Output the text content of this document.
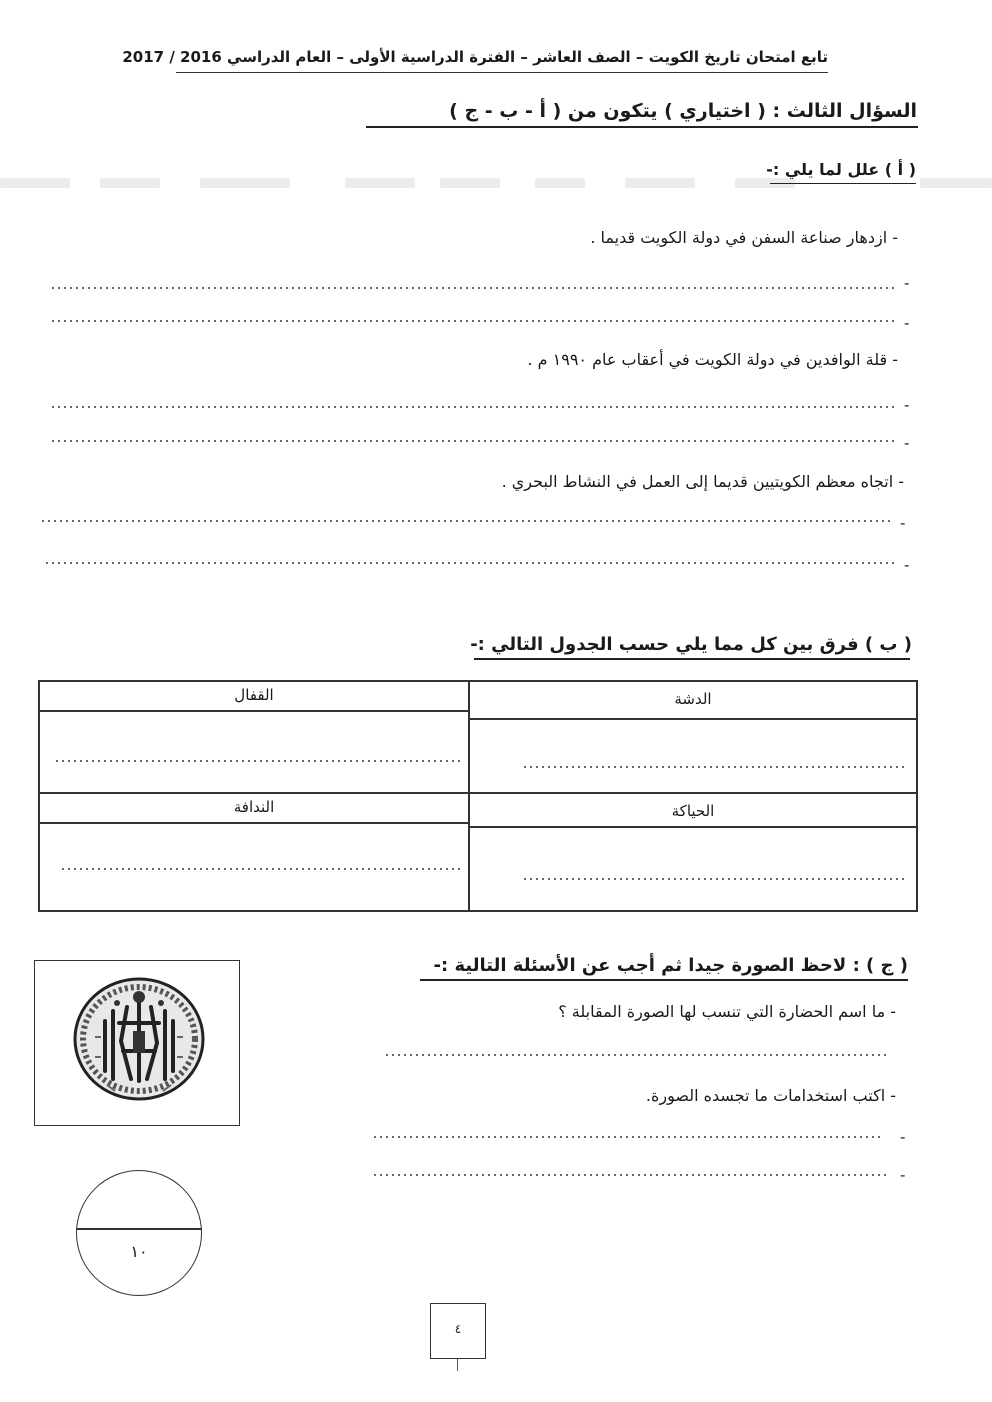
تابع امتحان تاريخ الكويت – الصف العاشر – الفترة الدراسية الأولى – العام الدراسي 2016 / 2017
السؤال الثالث : ( اختياري ) يتكون من ( أ - ب - ج )
( أ ) علل لما يلي :-
- ازدهار صناعة السفن في دولة الكويت قديما .
-
-
- قلة الوافدين في دولة الكويت في أعقاب عام ١٩٩٠ م .
-
-
- اتجاه معظم الكويتيين قديما إلى العمل في النشاط البحري .
-
-
( ب ) فرق بين كل مما يلي حسب الجدول التالي :-
الدشة
القفال
الحياكة
الندافة
( ج ) : لاحظ الصورة جيدا ثم أجب عن الأسئلة التالية :-
- ما اسم الحضارة التي تنسب لها الصورة المقابلة ؟
- اكتب استخدامات ما تجسده الصورة.
-
-
١٠
٤
